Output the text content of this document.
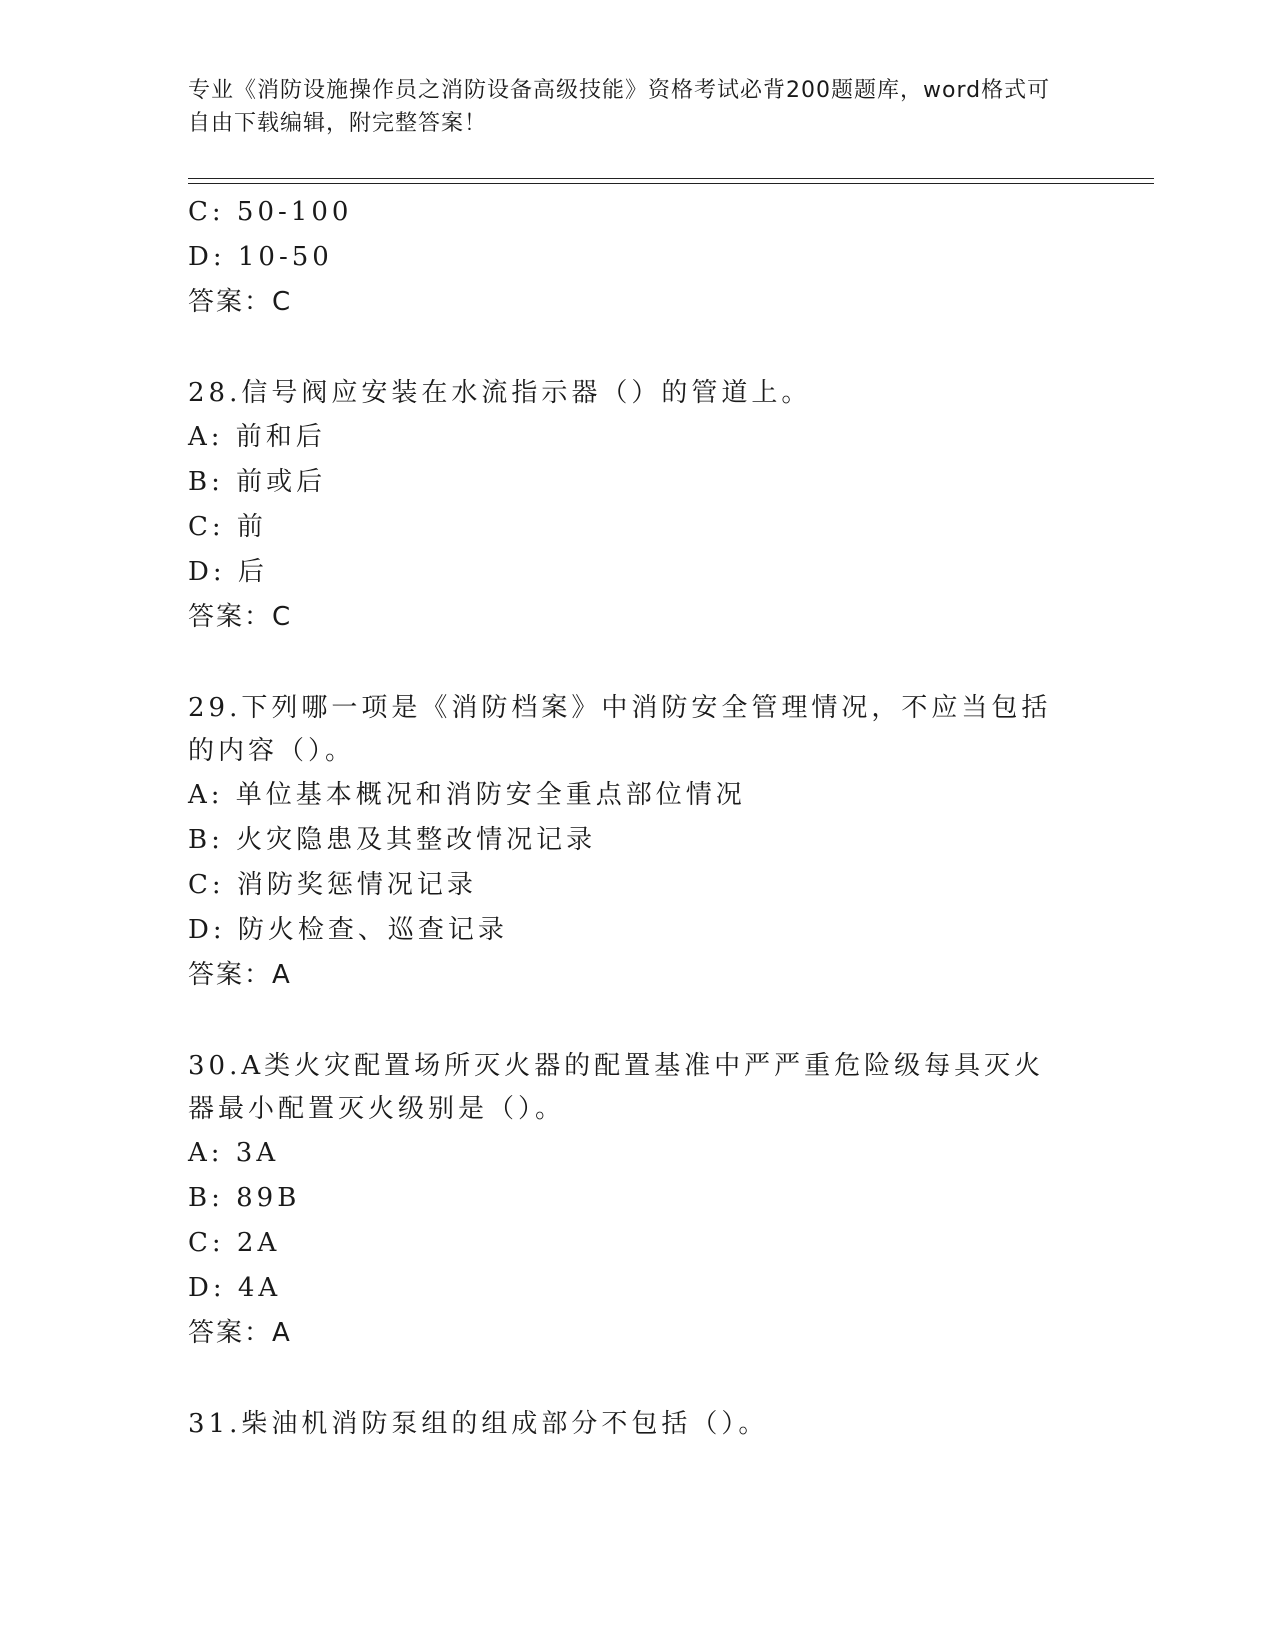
专业《消防设施操作员之消防设备高级技能》资格考试必背200题题库，word格式可自由下载编辑，附完整答案！
C: 50-100
D: 10-50
答案：C
28.信号阀应安装在水流指示器（）的管道上。
A: 前和后
B: 前或后
C: 前
D: 后
答案：C
29.下列哪一项是《消防档案》中消防安全管理情况，不应当包括的内容（）。
A: 单位基本概况和消防安全重点部位情况
B: 火灾隐患及其整改情况记录
C: 消防奖惩情况记录
D: 防火检查、巡查记录
答案：A
30.A类火灾配置场所灭火器的配置基准中严严重危险级每具灭火器最小配置灭火级别是（）。
A: 3A
B: 89B
C: 2A
D: 4A
答案：A
31.柴油机消防泵组的组成部分不包括（）。
